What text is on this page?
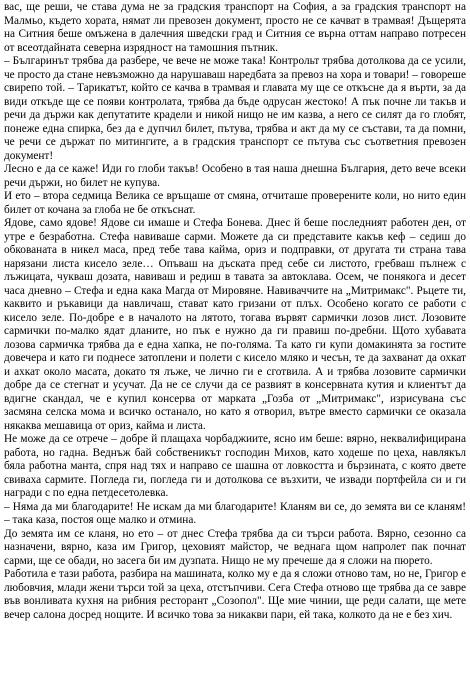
вас, ще реши, че става дума не за градския транспорт на София, а за градския транспорт на Малмьо, където хората, нямат ли превозен документ, просто не се качват в трамвая! Дъщерята на Ситния беше омъжена в далечния шведски град и Ситния се върна оттам направо потресен от всеотдайната северна изрядност на тамошния пътник.

– Българинът трябва да разбере, че вече не може така! Контрольт трябва дотолкова да се усили, че просто да стане невъзможно да нарушаваш наредбата за превоз на хора и товари! – говореше свирепо той. – Тарикатът, който се качва в трамвая и главата му ще се откъсне да я върти, за да види откъде ще се появи контролата, трябва да бъде одрусан жестоко! А пък почне ли такъв и речи да държи как депутатите крадели и никой нищо не им казва, а него се силят да го глобят, понеже една спирка, без да е дупчил билет, пътува, трябва и акт да му се състави, та да помни, че речи се държат по митингите, а в градския транспорт се пътува със съответния превозен документ!

Лесно е да се каже! Иди го глоби такъв! Особено в тая наша днешна България, дето вече всеки речи държи, но билет не купува.

И ето – втора седмица Велика се връщаше от смяна, отчиташе проверените коли, но нито един билет от кочана за глоба не бе откъснат.

Ядове, само ядове! Ядове си имаше и Стефа Бонева. Днес й беше последният работен ден, от утре е безработна. Стефа навиваше сарми. Можете да си представите какъв кеф – седиш до обкованата в никел маса, пред тебе тава кайма, ориз и подправки, от другата ти страна тава нарязани листа кисело зеле… Опъваш на дъската пред себе си листото, гребваш пълнеж с лъжицата, чукваш дозата, навиваш и редиш в тавата за автоклава. Осем, че понякога и десет часа дневно – Стефа и една кака Магда от Мировяне. Навиваччите на „Митримакс". Рьцете ти, каквито и ръкавици да навличаш, стават като гризани от плъх. Особено когато се работи с кисело зеле. По-добре е в началото на лятото, тогава вървят сармички лозов лист. Лозовите сармички по-малко ядат дланите, но пък е нужно да ги правиш по-дребни. Щото хубавата лозова сармичка трябва да е една хапка, не по-голяма. Та като ги купи домакинята за гостите довечера и като ги поднесе затоплени и полети с кисело мляко и чесън, те да захванат да охкат и ахкат около масата, докато тя лъже, че лично ги е сготвила. А и трябва лозовите сармички добре да се стегнат и усучат. Да не се случи да се развият в консервната кутия и клиентът да вдигне скандал, че е купил консерва от марката „Гозба от „Митримакс", изрисувана със засмяна селска мома и всичко останало, но като я отворил, вътре вместо сармички се оказала някаква мешавица от ориз, кайма и листа.

Не може да се отрече – добре й плащаха чорбаджиите, ясно им беше: вярно, неквалифицирана работа, но гадна. Веднъж бай собственикът господин Михов, като ходеше по цеха, навлякъл бяла работна манта, спря над тях и направо се шашна от ловкостта и бързината, с която двете свиваха сармите. Погледа ги, погледа ги и дотолкова се възхити, че извади портфейла си и ги награди с по една петдесетолевка.

– Няма да ми благодарите! Не искам да ми благодарите! Кланям ви се, до земята ви се кланям! – така каза, постоя още малко и отмина.

До земята им се кланя, но ето – от днес Стефа трябва да си търси работа. Вярно, сезонно са назначени, вярно, каза им Григор, цеховият майстор, че веднага щом напролет пак почнат сарми, ще се обади, но засега би им дузпата. Нищо не му пречеше да я сложи на пюрето.

Работила е тази работа, разбира на машината, колко му е да я сложи отново там, но не, Григор е любовчия, млади жени търси той за цеха, отстъпчиви. Сега Стефа отново ще трябва да се завре във вонливата кухня на рибния ресторант „Созопол". Ще мие чинии, ще реди салати, ще мете вечер салона досред нощите. И всичко това за никакви пари, ей така, колкото да не е без хич.
